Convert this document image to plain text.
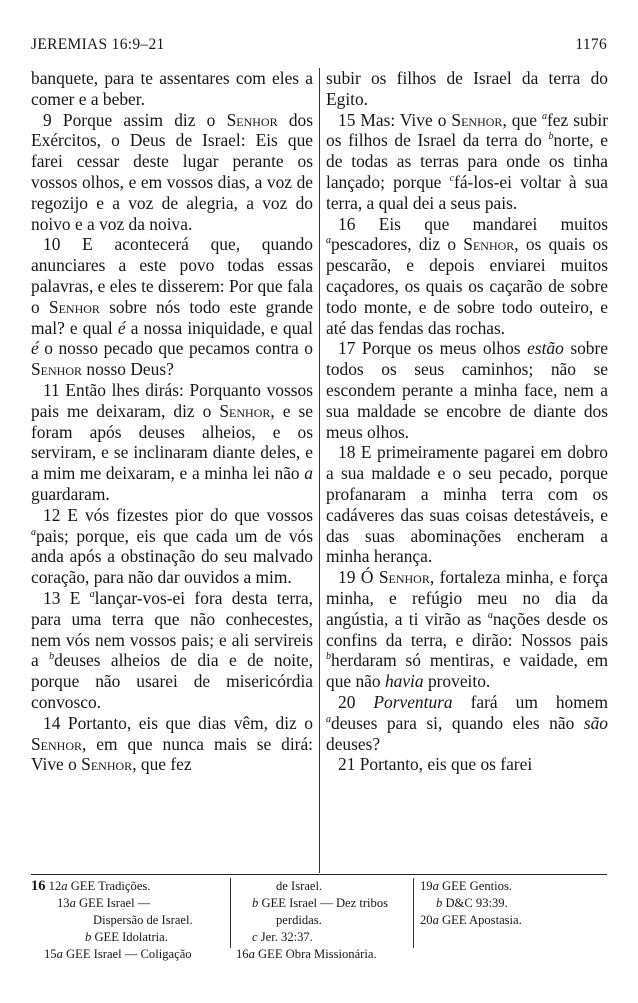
JEREMIAS 16:9–21	1176

banquete, para te assentares com eles a comer e a beber.

9 Porque assim diz o Senhor dos Exércitos, o Deus de Israel: Eis que farei cessar deste lugar perante os vossos olhos, e em vossos dias, a voz de regozijo e a voz de alegria, a voz do noivo e a voz da noiva.

10 E acontecerá que, quando anunciares a este povo todas essas palavras, e eles te disserem: Por que fala o Senhor sobre nós todo este grande mal? e qual é a nossa iniquidade, e qual é o nosso pecado que pecamos contra o Senhor nosso Deus?

11 Então lhes dirás: Porquanto vossos pais me deixaram, diz o Senhor, e se foram após deuses alheios, e os serviram, e se inclinaram diante deles, e a mim me deixaram, e a minha lei não a guardaram.

12 E vós fizestes pior do que vossos $^a$pais; porque, eis que cada um de vós anda após a obstinação do seu malvado coração, para não dar ouvidos a mim.

13 E $^a$lançar-vos-ei fora desta terra, para uma terra que não conhecestes, nem vós nem vossos pais; e ali servireis a $^b$deuses alheios de dia e de noite, porque não usarei de misericórdia convosco.

14 Portanto, eis que dias vêm, diz o Senhor, em que nunca mais se dirá: Vive o Senhor, que fez

subir os filhos de Israel da terra do Egito.

15 Mas: Vive o Senhor, que $^a$fez subir os filhos de Israel da terra do $^b$norte, e de todas as terras para onde os tinha lançado; porque $^c$fá-los-ei voltar à sua terra, a qual dei a seus pais.

16 Eis que mandarei muitos $^a$pescadores, diz o Senhor, os quais os pescarão, e depois enviarei muitos caçadores, os quais os caçarão de sobre todo monte, e de sobre todo outeiro, e até das fendas das rochas.

17 Porque os meus olhos estão sobre todos os seus caminhos; não se escondem perante a minha face, nem a sua maldade se encobre de diante dos meus olhos.

18 E primeiramente pagarei em dobro a sua maldade e o seu pecado, porque profanaram a minha terra com os cadáveres das suas coisas detestáveis, e das suas abominações encheram a minha herança.

19 Ó Senhor, fortaleza minha, e força minha, e refúgio meu no dia da angústia, a ti virão as $^a$nações desde os confins da terra, e dirão: Nossos pais $^b$herdaram só mentiras, e vaidade, em que não havia proveito.

20 Porventura fará um homem $^a$deuses para si, quando eles não são deuses?

21 Portanto, eis que os farei

16 12a GEE Tradições.
13a GEE Israel —
Dispersão de Israel.
b GEE Idolatria.
15a GEE Israel — Coligação
de Israel.
b GEE Israel — Dez tribos
perdidas.
c Jer. 32:37.
16a GEE Obra Missionária.
19a GEE Gentios.
b D&C 93:39.
20a GEE Apostasia.
